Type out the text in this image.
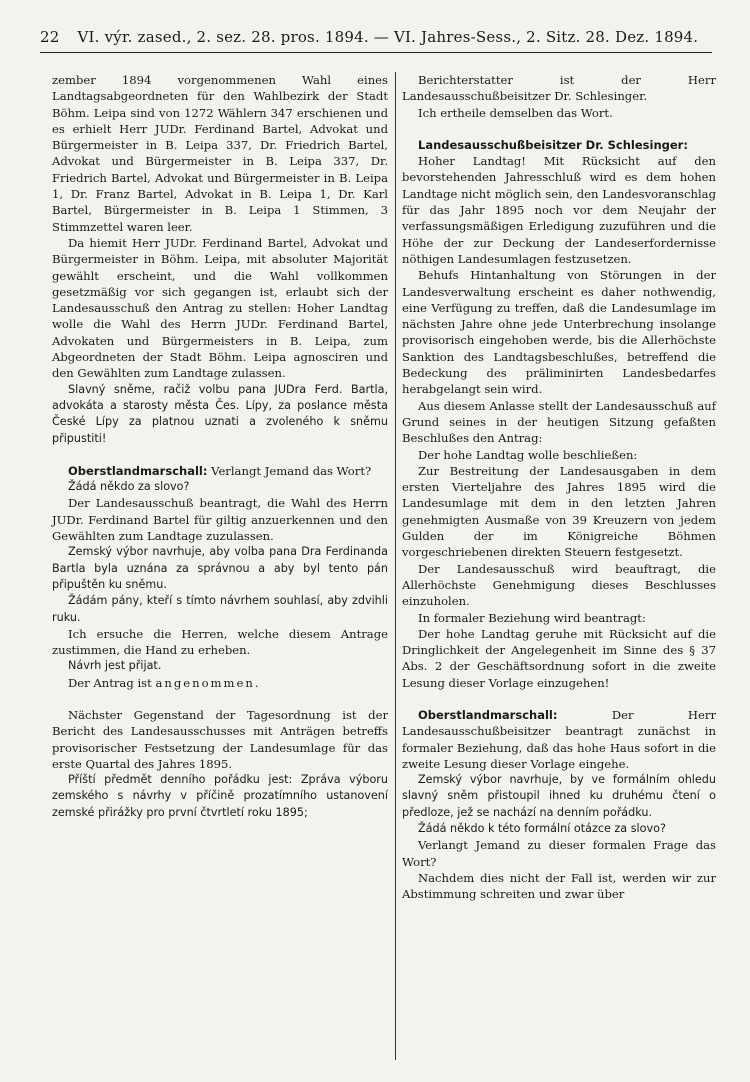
22 VI. výr. zased., 2. sez. 28. pros. 1894. — VI. Jahres-Sess., 2. Sitz. 28. Dez. 1894.

zember 1894 vorgenommenen Wahl eines Landtagsabgeordneten für den Wahlbezirk der Stadt Böhm. Leipa sind von 1272 Wählern 347 erschienen und es erhielt Herr JUDr. Ferdinand Bartel, Advokat und Bürgermeister in B. Leipa 337, Dr. Friedrich Bartel, Advokat und Bürgermeister in B. Leipa 337, Dr. Friedrich Bartel, Advokat und Bürgermeister in B. Leipa 1, Dr. Franz Bartel, Advokat in B. Leipa 1, Dr. Karl Bartel, Bürgermeister in B. Leipa 1 Stimmen, 3 Stimmzettel waren leer.

Da hiemit Herr JUDr. Ferdinand Bartel, Advokat und Bürgermeister in Böhm. Leipa, mit absoluter Majorität gewählt erscheint, und die Wahl vollkommen gesetzmäßig vor sich gegangen ist, erlaubt sich der Landesausschuß den Antrag zu stellen: Hoher Landtag wolle die Wahl des Herrn JUDr. Ferdinand Bartel, Advokaten und Bürgermeisters in B. Leipa, zum Abgeordneten der Stadt Böhm. Leipa agnosciren und den Gewählten zum Landtage zulassen.

Slavný sněme, račiž volbu pana JUDra Ferd. Bartla, advokáta a starosty města Čes. Lípy, za poslance města České Lípy za platnou uznati a zvoleného k sněmu připustiti!

Oberstlandmarschall: Verlangt Jemand das Wort?

Žádá někdo za slovo?

Der Landesausschuß beantragt, die Wahl des Herrn JUDr. Ferdinand Bartel für giltig anzuerkennen und den Gewählten zum Landtage zuzulassen.

Zemský výbor navrhuje, aby volba pana Dra Ferdinanda Bartla byla uznána za správnou a aby byl tento pán připuštěn ku sněmu.

Žádám pány, kteří s tímto návrhem souhlasí, aby zdvihli ruku.

Ich ersuche die Herren, welche diesem Antrage zustimmen, die Hand zu erheben.

Návrh jest přijat.

Der Antrag ist angenommen.

Nächster Gegenstand der Tagesordnung ist der Bericht des Landesausschusses mit Anträgen betreffs provisorischer Festsetzung der Landesumlage für das erste Quartal des Jahres 1895.

Příští předmět denního pořádku jest: Zpráva výboru zemského s návrhy v příčině prozatímního ustanovení zemské přirážky pro první čtvrtletí roku 1895;

Berichterstatter ist der Herr Landesausschußbeisitzer Dr. Schlesinger.

Ich ertheile demselben das Wort.

Landesausschußbeisitzer Dr. Schlesinger:

Hoher Landtag! Mit Rücksicht auf den bevorstehenden Jahresschluß wird es dem hohen Landtage nicht möglich sein, den Landesvoranschlag für das Jahr 1895 noch vor dem Neujahr der verfassungsmäßigen Erledigung zuzuführen und die Höhe der zur Deckung der Landeserfordernisse nöthigen Landesumlagen festzusetzen.

Behufs Hintanhaltung von Störungen in der Landesverwaltung erscheint es daher nothwendig, eine Verfügung zu treffen, daß die Landesumlage im nächsten Jahre ohne jede Unterbrechung insolange provisorisch eingehoben werde, bis die Allerhöchste Sanktion des Landtagsbeschlußes, betreffend die Bedeckung des präliminirten Landesbedarfes herabgelangt sein wird.

Aus diesem Anlasse stellt der Landesausschuß auf Grund seines in der heutigen Sitzung gefaßten Beschlußes den Antrag:

Der hohe Landtag wolle beschließen:

Zur Bestreitung der Landesausgaben in dem ersten Vierteljahre des Jahres 1895 wird die Landesumlage mit dem in den letzten Jahren genehmigten Ausmaße von 39 Kreuzern von jedem Gulden der im Königreiche Böhmen vorgeschriebenen direkten Steuern festgesetzt.

Der Landesausschuß wird beauftragt, die Allerhöchste Genehmigung dieses Beschlusses einzuholen.

In formaler Beziehung wird beantragt:

Der hohe Landtag geruhe mit Rücksicht auf die Dringlichkeit der Angelegenheit im Sinne des § 37 Abs. 2 der Geschäftsordnung sofort in die zweite Lesung dieser Vorlage einzugehen!

Oberstlandmarschall:	Der Herr Landesausschußbeisitzer beantragt zunächst in formaler Beziehung, daß das hohe Haus sofort in die zweite Lesung dieser Vorlage eingehe.

Zemský výbor navrhuje, by ve formálním ohledu slavný sněm přistoupil ihned ku druhému čtení o předloze, jež se nachází na denním pořádku.

Žádá někdo k této formální otázce za slovo?

Verlangt Jemand zu dieser formalen Frage das Wort?

Nachdem dies nicht der Fall ist, werden wir zur Abstimmung schreiten und zwar über
